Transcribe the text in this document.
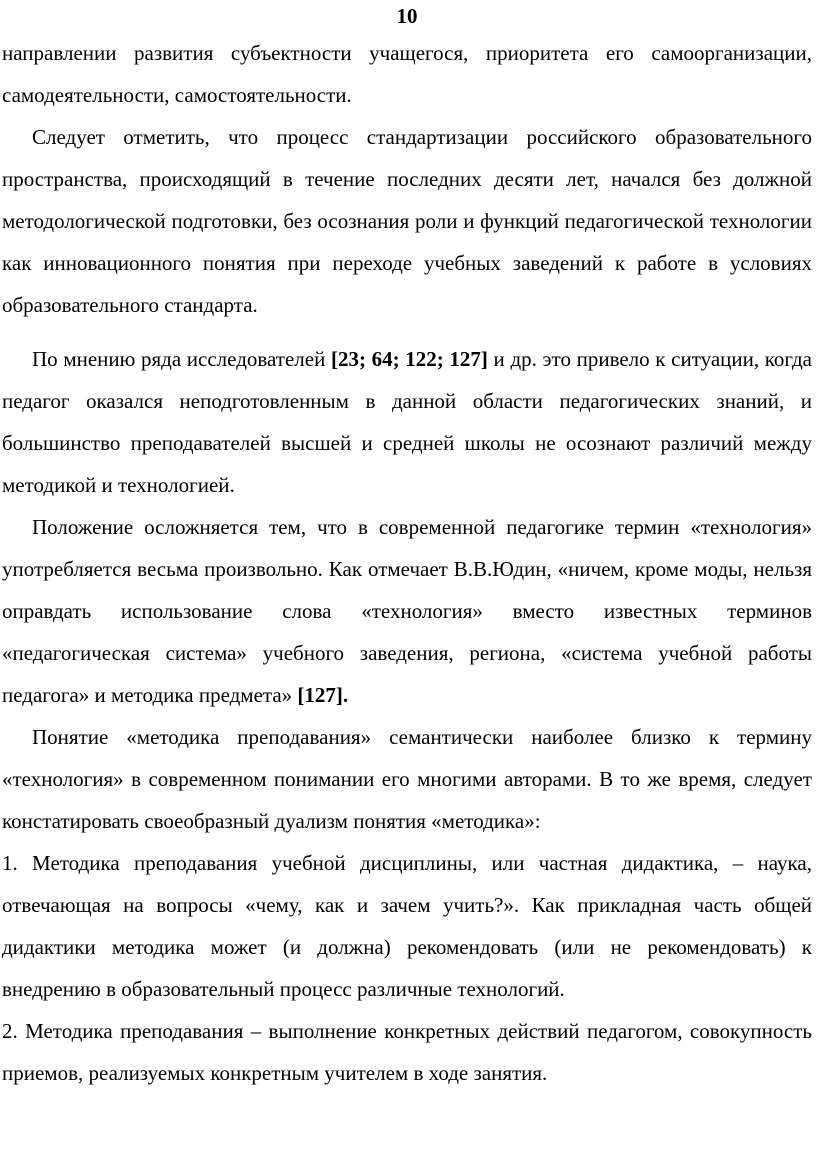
10

направлении развития субъектности учащегося, приоритета его самоорганизации, самодеятельности, самостоятельности.

Следует отметить, что процесс стандартизации российского образовательного пространства, происходящий в течение последних десяти лет, начался без должной методологической подготовки, без осознания роли и функций педагогической технологии как инновационного понятия при переходе учебных заведений к работе в условиях образовательного стандарта.

По мнению ряда исследователей [23; 64; 122; 127] и др. это привело к ситуации, когда педагог оказался неподготовленным в данной области педагогических знаний, и большинство преподавателей высшей и средней школы не осознают различий между методикой и технологией.

Положение осложняется тем, что в современной педагогике термин «технология» употребляется весьма произвольно. Как отмечает В.В.Юдин, «ничем, кроме моды, нельзя оправдать использование слова «технология» вместо известных терминов «педагогическая система» учебного заведения, региона, «система учебной работы педагога» и методика предмета» [127].

Понятие «методика преподавания» семантически наиболее близко к термину «технология» в современном понимании его многими авторами. В то же время, следует констатировать своеобразный дуализм понятия «методика»:

1. Методика преподавания учебной дисциплины, или частная дидактика, – наука, отвечающая на вопросы «чему, как и зачем учить?». Как прикладная часть общей дидактики методика может (и должна) рекомендовать (или не рекомендовать) к внедрению в образовательный процесс различные технологий.

2. Методика преподавания – выполнение конкретных действий педагогом, совокупность приемов, реализуемых конкретным учителем в ходе занятия.
